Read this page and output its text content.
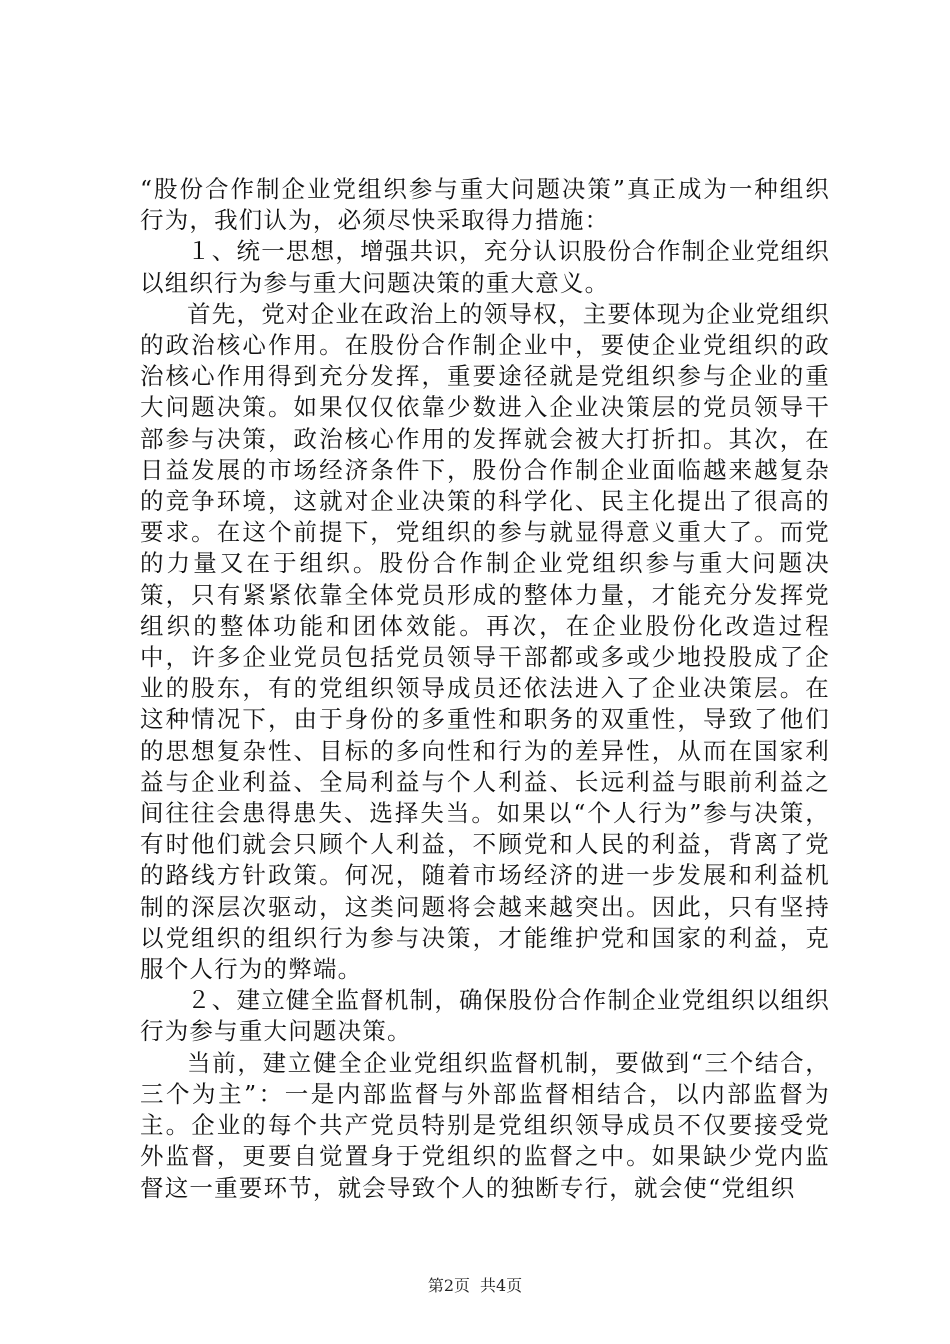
“股份合作制企业党组织参与重大问题决策”真正成为一种组织行为，我们认为，必须尽快采取得力措施：

１、统一思想，增强共识，充分认识股份合作制企业党组织以组织行为参与重大问题决策的重大意义。

首先，党对企业在政治上的领导权，主要体现为企业党组织的政治核心作用。在股份合作制企业中，要使企业党组织的政治核心作用得到充分发挥，重要途径就是党组织参与企业的重大问题决策。如果仅仅依靠少数进入企业决策层的党员领导干部参与决策，政治核心作用的发挥就会被大打折扣。其次，在日益发展的市场经济条件下，股份合作制企业面临越来越复杂的竞争环境，这就对企业决策的科学化、民主化提出了很高的要求。在这个前提下，党组织的参与就显得意义重大了。而党的力量又在于组织。股份合作制企业党组织参与重大问题决策，只有紧紧依靠全体党员形成的整体力量，才能充分发挥党组织的整体功能和团体效能。再次，在企业股份化改造过程中，许多企业党员包括党员领导干部都或多或少地投股成了企业的股东，有的党组织领导成员还依法进入了企业决策层。在这种情况下，由于身份的多重性和职务的双重性，导致了他们的思想复杂性、目标的多向性和行为的差异性，从而在国家利益与企业利益、全局利益与个人利益、长远利益与眼前利益之间往往会患得患失、选择失当。如果以“个人行为”参与决策，有时他们就会只顾个人利益，不顾党和人民的利益，背离了党的路线方针政策。何况，随着市场经济的进一步发展和利益机制的深层次驱动，这类问题将会越来越突出。因此，只有坚持以党组织的组织行为参与决策，才能维护党和国家的利益，克服个人行为的弊端。

２、建立健全监督机制，确保股份合作制企业党组织以组织行为参与重大问题决策。

当前，建立健全企业党组织监督机制，要做到“三个结合，三个为主”：一是内部监督与外部监督相结合，以内部监督为主。企业的每个共产党员特别是党组织领导成员不仅要接受党外监督，更要自觉置身于党组织的监督之中。如果缺少党内监督这一重要环节，就会导致个人的独断专行，就会使“党组织

第2页 共4页
